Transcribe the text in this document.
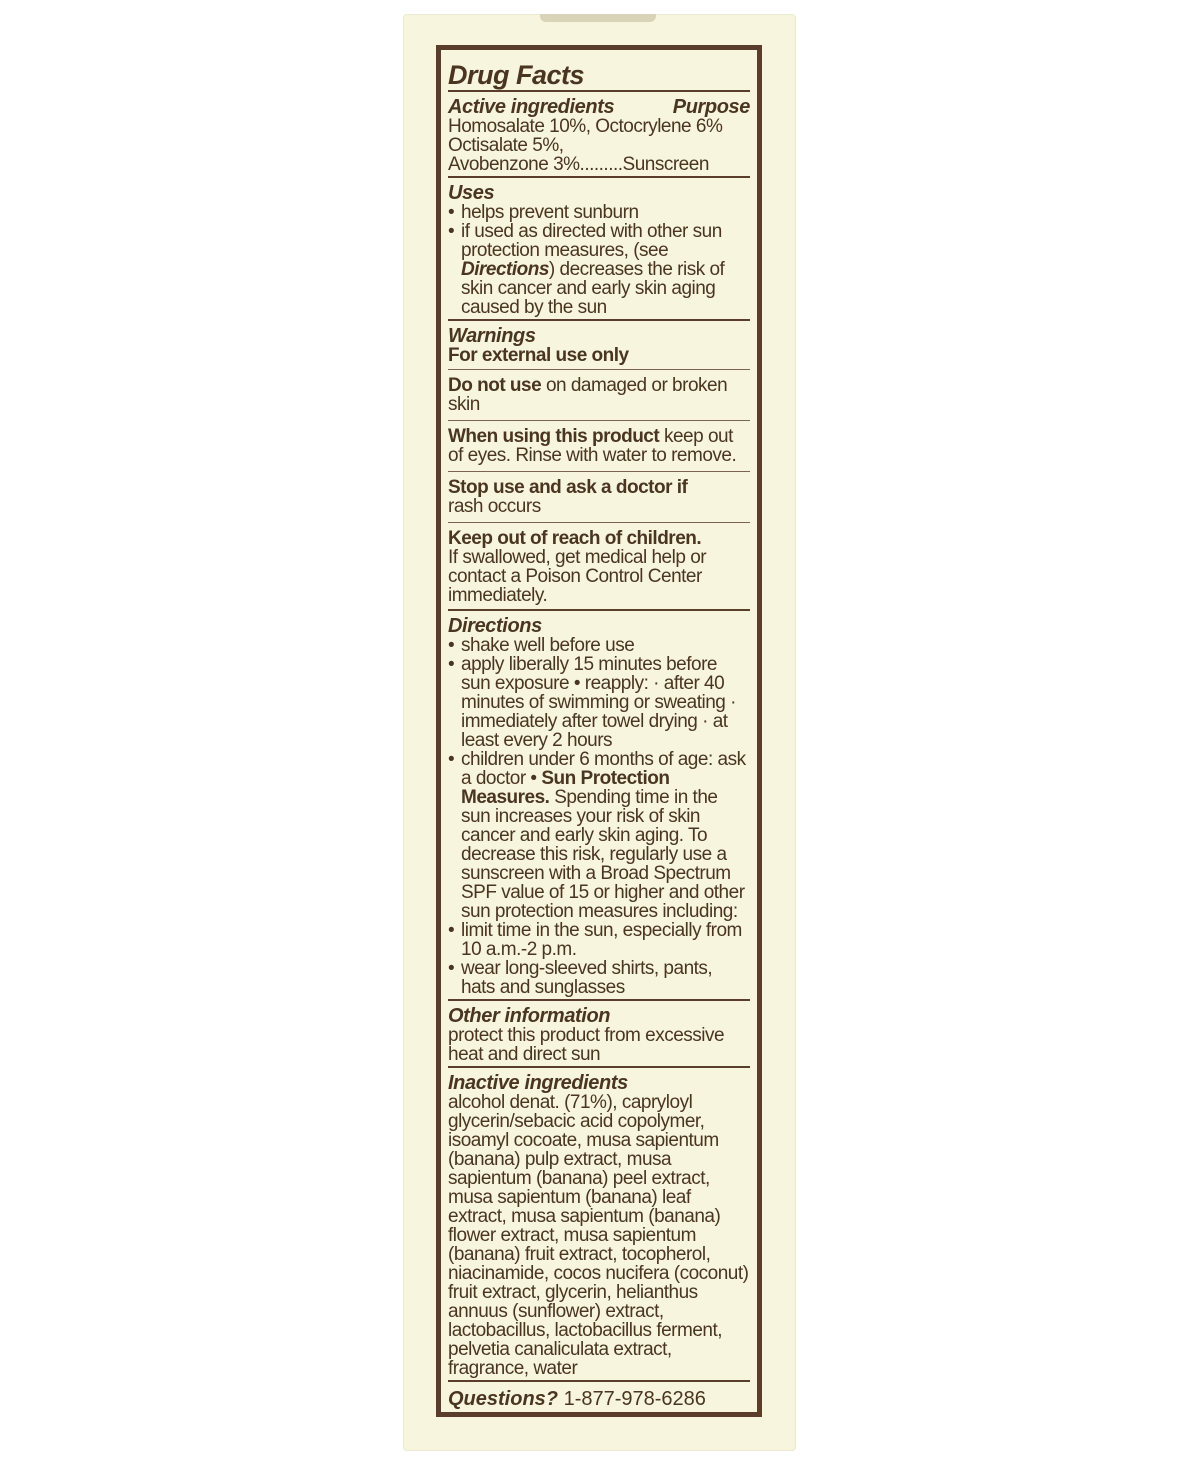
Drug Facts
Active ingredients	Purpose
Homosalate 10%, Octocrylene 6%
Octisalate 5%,
Avobenzone 3%.........Sunscreen
Uses
• helps prevent sunburn
• if used as directed with other sun protection measures, (see Directions) decreases the risk of skin cancer and early skin aging caused by the sun
Warnings
For external use only
Do not use on damaged or broken skin
When using this product keep out of eyes. Rinse with water to remove.
Stop use and ask a doctor if
rash occurs
Keep out of reach of children.
If swallowed, get medical help or contact a Poison Control Center immediately.
Directions
• shake well before use
• apply liberally 15 minutes before sun exposure • reapply: · after 40 minutes of swimming or sweating · immediately after towel drying · at least every 2 hours
• children under 6 months of age: ask a doctor • Sun Protection Measures. Spending time in the sun increases your risk of skin cancer and early skin aging. To decrease this risk, regularly use a sunscreen with a Broad Spectrum SPF value of 15 or higher and other sun protection measures including:
• limit time in the sun, especially from 10 a.m.-2 p.m.
• wear long-sleeved shirts, pants, hats and sunglasses
Other information
protect this product from excessive heat and direct sun
Inactive ingredients
alcohol denat. (71%), capryloyl glycerin/sebacic acid copolymer, isoamyl cocoate, musa sapientum (banana) pulp extract, musa sapientum (banana) peel extract, musa sapientum (banana) leaf extract, musa sapientum (banana) flower extract, musa sapientum (banana) fruit extract, tocopherol, niacinamide, cocos nucifera (coconut) fruit extract, glycerin, helianthus annuus (sunflower) extract, lactobacillus, lactobacillus ferment, pelvetia canaliculata extract, fragrance, water
Questions? 1-877-978-6286
